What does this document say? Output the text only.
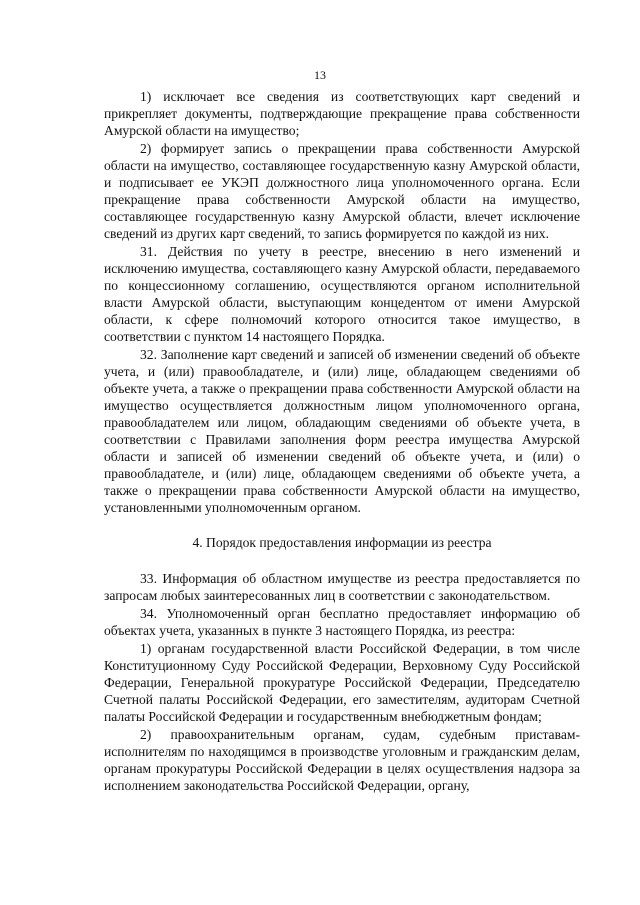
13

1) исключает все сведения из соответствующих карт сведений и прикрепляет документы, подтверждающие прекращение права собственности Амурской области на имущество;

2) формирует запись о прекращении права собственности Амурской области на имущество, составляющее государственную казну Амурской области, и подписывает ее УКЭП должностного лица уполномоченного органа. Если прекращение права собственности Амурской области на имущество, составляющее государственную казну Амурской области, влечет исключение сведений из других карт сведений, то запись формируется по каждой из них.

31. Действия по учету в реестре, внесению в него изменений и исключению имущества, составляющего казну Амурской области, передаваемого по концессионному соглашению, осуществляются органом исполнительной власти Амурской области, выступающим концедентом от имени Амурской области, к сфере полномочий которого относится такое имущество, в соответствии с пунктом 14 настоящего Порядка.

32. Заполнение карт сведений и записей об изменении сведений об объекте учета, и (или) правообладателе, и (или) лице, обладающем сведениями об объекте учета, а также о прекращении права собственности Амурской области на имущество осуществляется должностным лицом уполномоченного органа, правообладателем или лицом, обладающим сведениями об объекте учета, в соответствии с Правилами заполнения форм реестра имущества Амурской области и записей об изменении сведений об объекте учета, и (или) о правообладателе, и (или) лице, обладающем сведениями об объекте учета, а также о прекращении права собственности Амурской области на имущество, установленными уполномоченным органом.

4. Порядок предоставления информации из реестра

33. Информация об областном имуществе из реестра предоставляется по запросам любых заинтересованных лиц в соответствии с законодательством.

34. Уполномоченный орган бесплатно предоставляет информацию об объектах учета, указанных в пункте 3 настоящего Порядка, из реестра:

1) органам государственной власти Российской Федерации, в том числе Конституционному Суду Российской Федерации, Верховному Суду Российской Федерации, Генеральной прокуратуре Российской Федерации, Председателю Счетной палаты Российской Федерации, его заместителям, аудиторам Счетной палаты Российской Федерации и государственным внебюджетным фондам;

2) правоохранительным органам, судам, судебным приставам-исполнителям по находящимся в производстве уголовным и гражданским делам, органам прокуратуры Российской Федерации в целях осуществления надзора за исполнением законодательства Российской Федерации, органу,
